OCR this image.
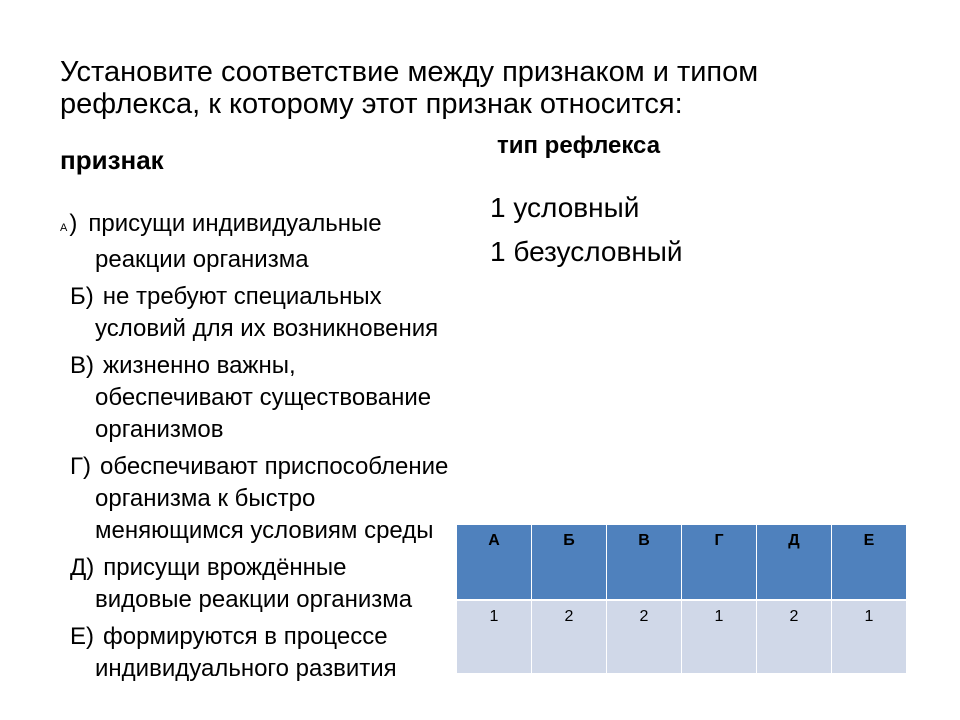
Установите соответствие между признаком и типом рефлекса, к которому этот признак относится:
признак	тип рефлекса
1 условный
1 безусловный
А) присущи индивидуальные
реакции организма
Б) не требуют специальных
условий для их возникновения
В) жизненно важны,
обеспечивают существование
организмов
Г) обеспечивают приспособление
организма к быстро
меняющимся условиям среды
Д) присущи врождённые
видовые реакции организма
Е) формируются в процессе
индивидуального развития
А	Б	В	Г	Д	Е
1	2	2	1	2	1
